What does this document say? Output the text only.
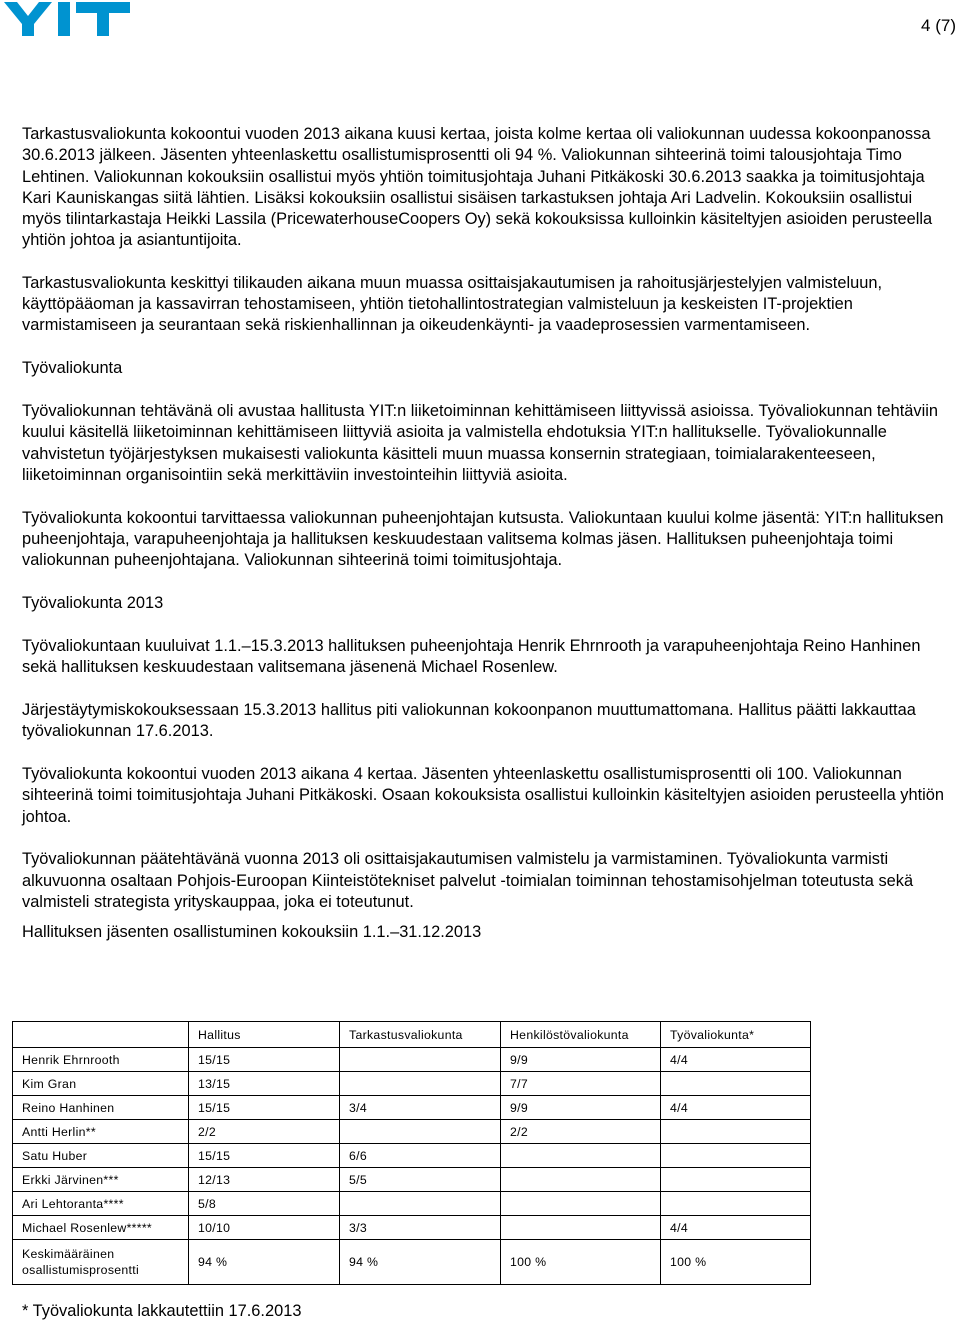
4 (7)

Tarkastusvaliokunta kokoontui vuoden 2013 aikana kuusi kertaa, joista kolme kertaa oli valiokunnan uudessa kokoonpanossa 30.6.2013 jälkeen. Jäsenten yhteenlaskettu osallistumisprosentti oli 94 %. Valiokunnan sihteerinä toimi talousjohtaja Timo Lehtinen. Valiokunnan kokouksiin osallistui myös yhtiön toimitusjohtaja Juhani Pitkäkoski 30.6.2013 saakka ja toimitusjohtaja Kari Kauniskangas siitä lähtien. Lisäksi kokouksiin osallistui sisäisen tarkastuksen johtaja Ari Ladvelin. Kokouksiin osallistui myös tilintarkastaja Heikki Lassila (PricewaterhouseCoopers Oy) sekä kokouksissa kulloinkin käsiteltyjen asioiden perusteella yhtiön johtoa ja asiantuntijoita.

Tarkastusvaliokunta keskittyi tilikauden aikana muun muassa osittaisjakautumisen ja rahoitusjärjestelyjen valmisteluun, käyttöpääoman ja kassavirran tehostamiseen, yhtiön tietohallintostrategian valmisteluun ja keskeisten IT-projektien varmistamiseen ja seurantaan sekä riskienhallinnan ja oikeudenkäynti- ja vaadeprosessien varmentamiseen.

Työvaliokunta

Työvaliokunnan tehtävänä oli avustaa hallitusta YIT:n liiketoiminnan kehittämiseen liittyvissä asioissa. Työvaliokunnan tehtäviin kuului käsitellä liiketoiminnan kehittämiseen liittyviä asioita ja valmistella ehdotuksia YIT:n hallitukselle. Työvaliokunnalle vahvistetun työjärjestyksen mukaisesti valiokunta käsitteli muun muassa konsernin strategiaan, toimialarakenteeseen, liiketoiminnan organisointiin sekä merkittäviin investointeihin liittyviä asioita.

Työvaliokunta kokoontui tarvittaessa valiokunnan puheenjohtajan kutsusta. Valiokuntaan kuului kolme jäsentä: YIT:n hallituksen puheenjohtaja, varapuheenjohtaja ja hallituksen keskuudestaan valitsema kolmas jäsen. Hallituksen puheenjohtaja toimi valiokunnan puheenjohtajana. Valiokunnan sihteerinä toimi toimitusjohtaja.

Työvaliokunta 2013

Työvaliokuntaan kuuluivat 1.1.–15.3.2013 hallituksen puheenjohtaja Henrik Ehrnrooth ja varapuheenjohtaja Reino Hanhinen sekä hallituksen keskuudestaan valitsemana jäsenenä Michael Rosenlew.

Järjestäytymiskokouksessaan 15.3.2013 hallitus piti valiokunnan kokoonpanon muuttumattomana. Hallitus päätti lakkauttaa työvaliokunnan 17.6.2013.

Työvaliokunta kokoontui vuoden 2013 aikana 4 kertaa. Jäsenten yhteenlaskettu osallistumisprosentti oli 100. Valiokunnan sihteerinä toimi toimitusjohtaja Juhani Pitkäkoski. Osaan kokouksista osallistui kulloinkin käsiteltyjen asioiden perusteella yhtiön johtoa.

Työvaliokunnan päätehtävänä vuonna 2013 oli osittaisjakautumisen valmistelu ja varmistaminen. Työvaliokunta varmisti alkuvuonna osaltaan Pohjois-Euroopan Kiinteistötekniset palvelut -toimialan toiminnan tehostamisohjelman toteutusta sekä valmisteli strategista yrityskauppaa, joka ei toteutunut.

Hallituksen jäsenten osallistuminen kokouksiin 1.1.–31.12.2013

	Hallitus	Tarkastusvaliokunta	Henkilöstövaliokunta	Työvaliokunta*
Henrik Ehrnrooth	15/15		9/9	4/4
Kim Gran	13/15		7/7	
Reino Hanhinen	15/15	3/4	9/9	4/4
Antti Herlin**	2/2		2/2	
Satu Huber	15/15	6/6		
Erkki Järvinen***	12/13	5/5		
Ari Lehtoranta****	5/8			
Michael Rosenlew*****	10/10	3/3		4/4
Keskimääräinen osallistumisprosentti	94 %	94 %	100 %	100 %
* Työvaliokunta lakkautettiin 17.6.2013
